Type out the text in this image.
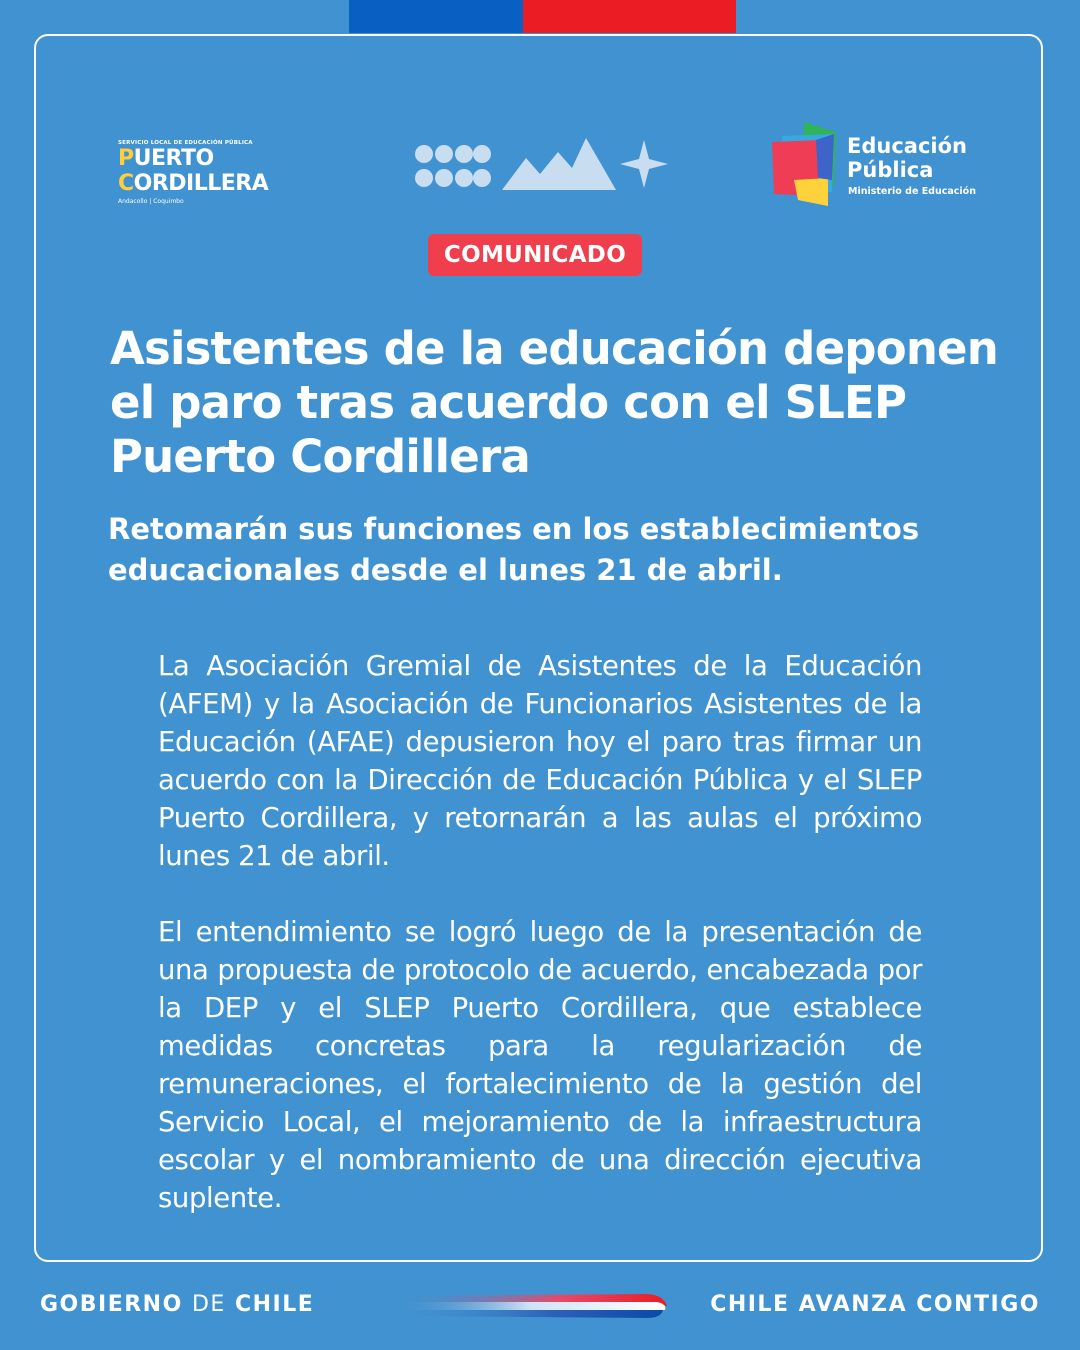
SERVICIO LOCAL DE EDUCACIÓN PÚBLICA
PUERTO
CORDILLERA
Andacollo | Coquimbo
Educación
Pública
Ministerio de Educación
COMUNICADO
Asistentes de la educación deponen el paro tras acuerdo con el SLEP Puerto Cordillera
Retomarán sus funciones en los establecimientos educacionales desde el lunes 21 de abril.

La Asociación Gremial de Asistentes de la Educación (AFEM) y la Asociación de Funcionarios Asistentes de la Educación (AFAE) depusieron hoy el paro tras firmar un acuerdo con la Dirección de Educación Pública y el SLEP Puerto Cordillera, y retornarán a las aulas el próximo lunes 21 de abril.

El entendimiento se logró luego de la presentación de una propuesta de protocolo de acuerdo, encabezada por la DEP y el SLEP Puerto Cordillera, que establece medidas concretas para la regularización de remuneraciones, el fortalecimiento de la gestión del Servicio Local, el mejoramiento de la infraestructura escolar y el nombramiento de una dirección ejecutiva suplente.

GOBIERNO DE CHILE	CHILE AVANZA CONTIGO
